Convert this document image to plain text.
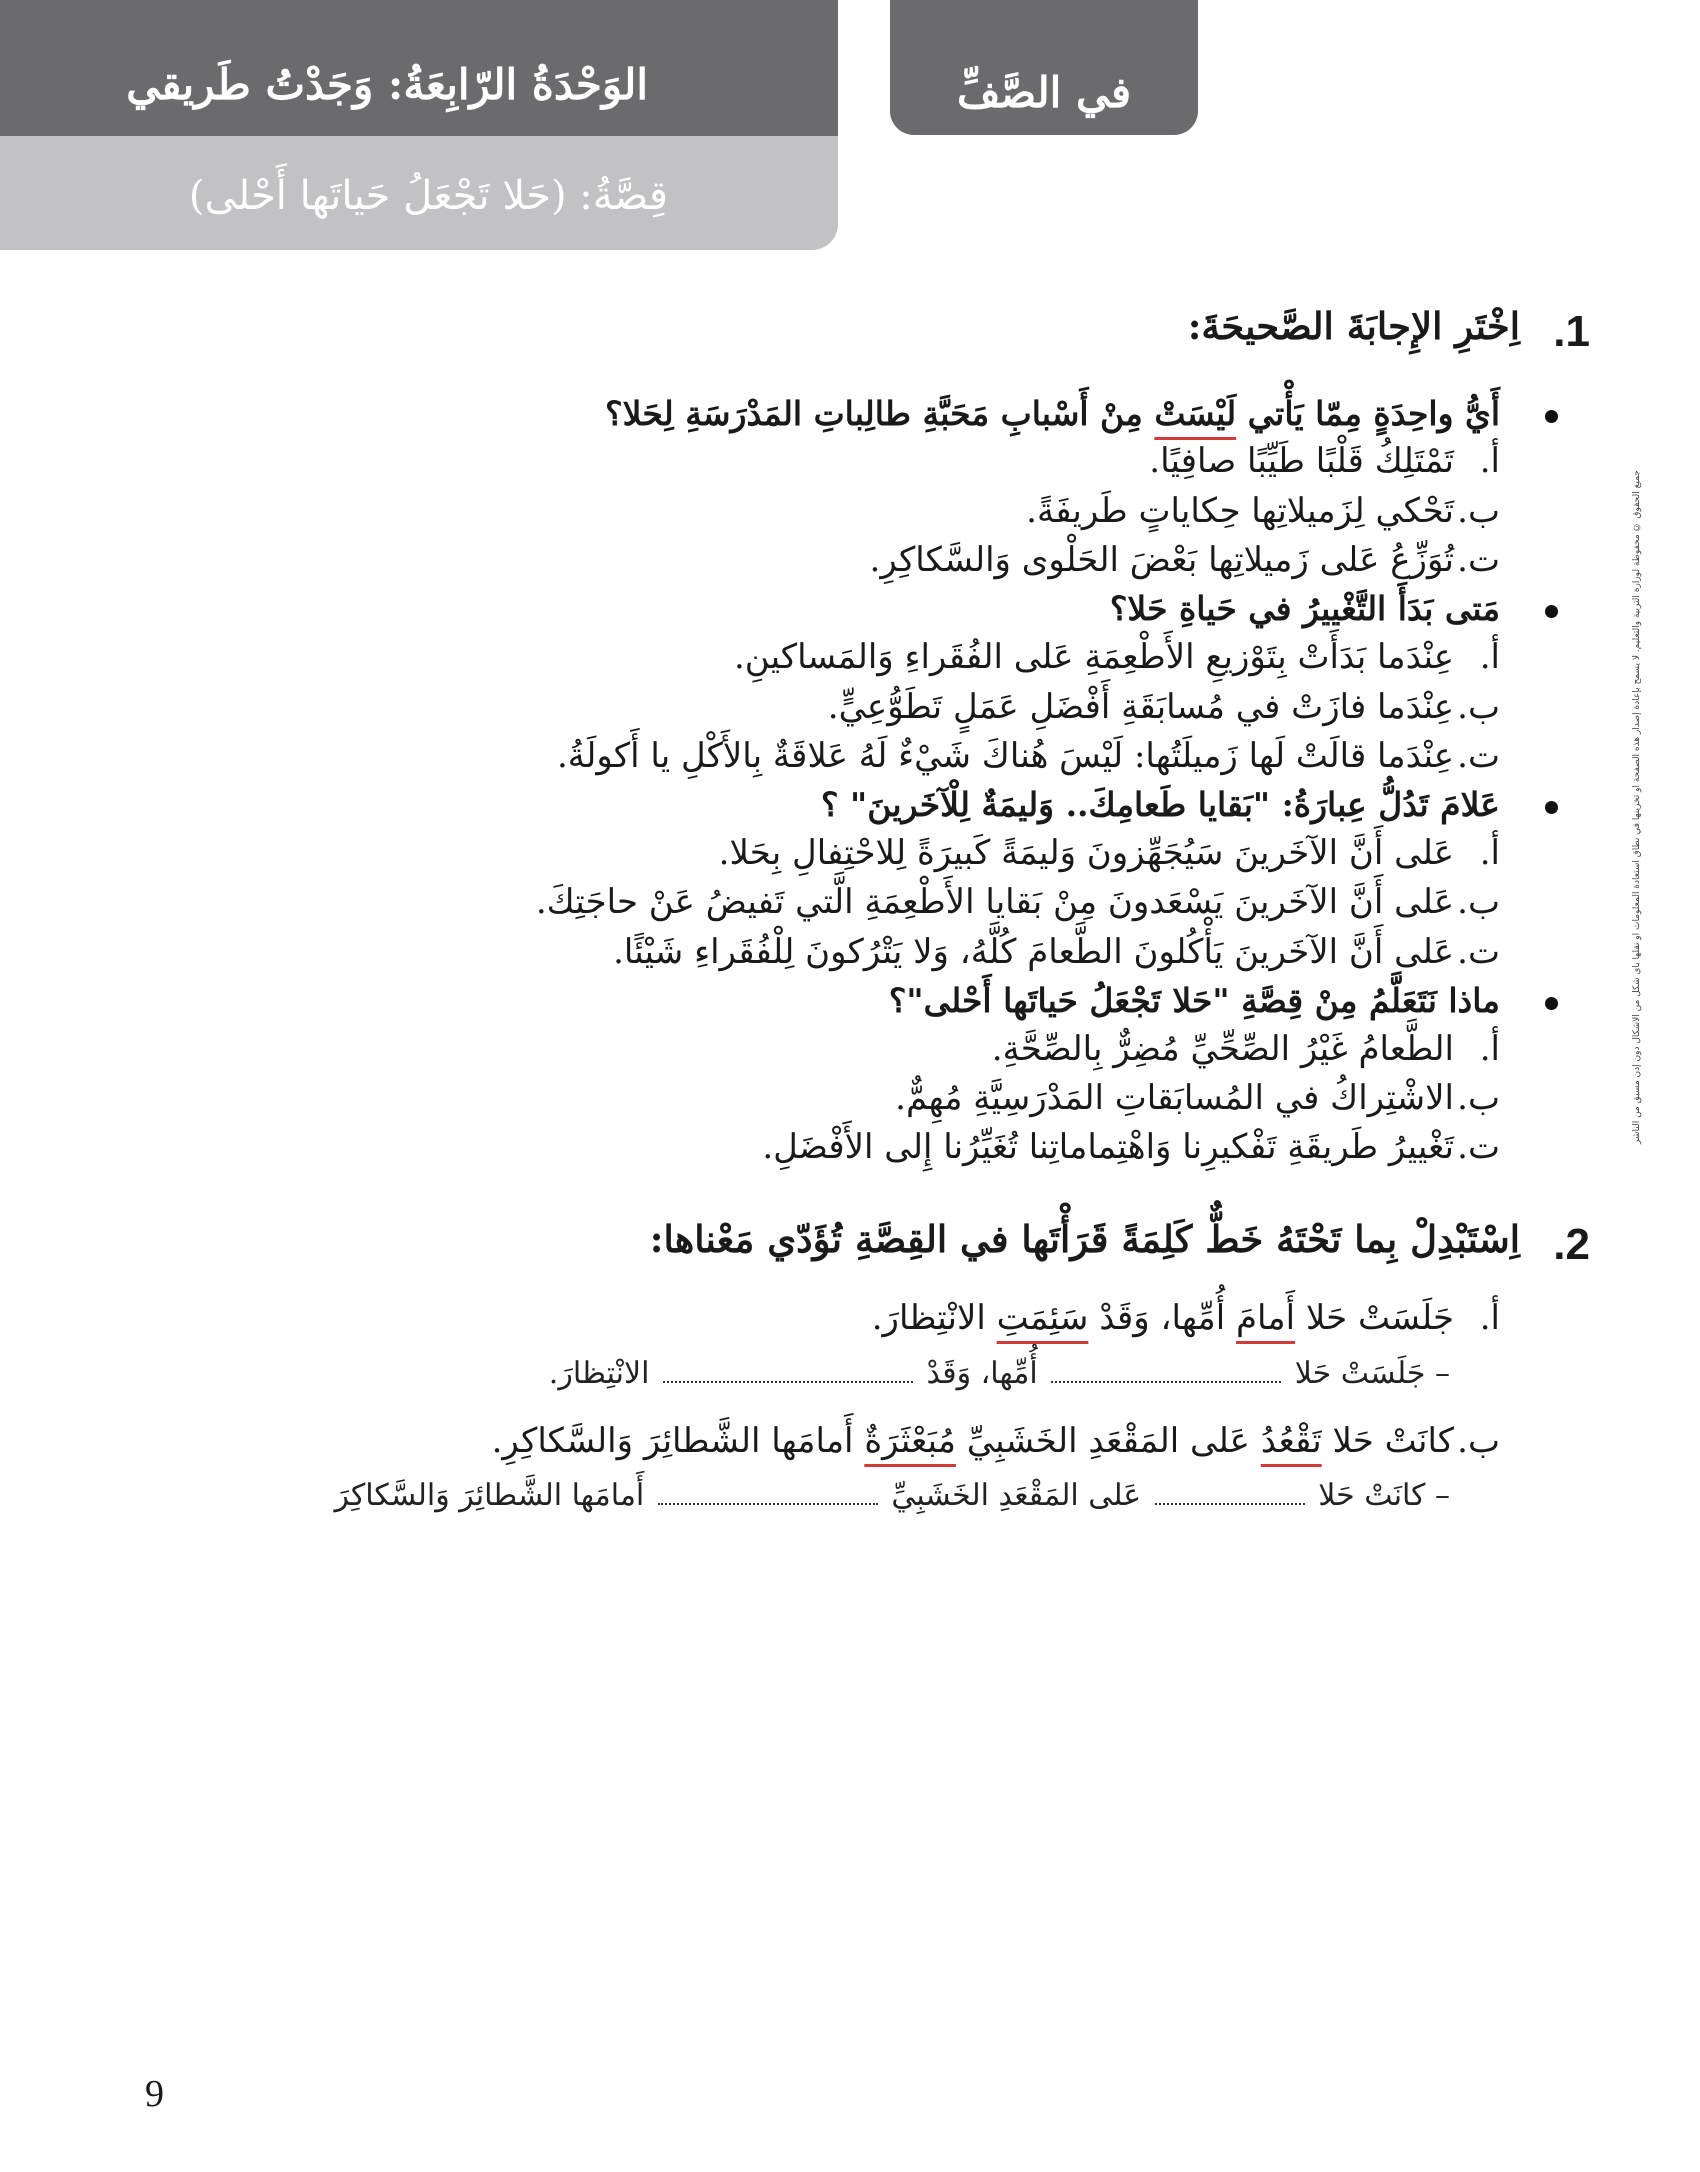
الوَحْدَةُ الرّابِعَةُ: وَجَدْتُ طَريقي
قِصَّةُ: (حَلا تَجْعَلُ حَياتَها أَحْلى)
في الصَّفِّ
1.
اِخْتَرِ الإِجابَةَ الصَّحيحَةَ:
أَيُّ واحِدَةٍ مِمّا يَأْتي لَيْسَتْ مِنْ أَسْبابِ مَحَبَّةِ طالِباتِ المَدْرَسَةِ لِحَلا؟
أ.تَمْتَلِكُ قَلْبًا طَيِّبًا صافِيًا.
ب.تَحْكي لِزَميلاتِها حِكاياتٍ طَريفَةً.
ت.تُوَزِّعُ عَلى زَميلاتِها بَعْضَ الحَلْوى وَالسَّكاكِرِ.
مَتى بَدَأَ التَّغْييرُ في حَياةِ حَلا؟
أ.عِنْدَما بَدَأَتْ بِتَوْزيعِ الأَطْعِمَةِ عَلى الفُقَراءِ وَالمَساكينِ.
ب.عِنْدَما فازَتْ في مُسابَقَةِ أَفْضَلِ عَمَلٍ تَطَوُّعِيٍّ.
ت.عِنْدَما قالَتْ لَها زَميلَتُها: لَيْسَ هُناكَ شَيْءٌ لَهُ عَلاقَةٌ بِالأَكْلِ يا أَكولَةُ.
عَلامَ تَدُلُّ عِبارَةُ: "بَقايا طَعامِكَ.. وَليمَةٌ لِلْآخَرينَ" ؟
أ.عَلى أَنَّ الآخَرينَ سَيُجَهِّزونَ وَليمَةً كَبيرَةً لِلاحْتِفالِ بِحَلا.
ب.عَلى أَنَّ الآخَرينَ يَسْعَدونَ مِنْ بَقايا الأَطْعِمَةِ الَّتي تَفيضُ عَنْ حاجَتِكَ.
ت.عَلى أَنَّ الآخَرينَ يَأْكُلونَ الطَّعامَ كُلَّهُ، وَلا يَتْرُكونَ لِلْفُقَراءِ شَيْئًا.
ماذا نَتَعَلَّمُ مِنْ قِصَّةِ "حَلا تَجْعَلُ حَياتَها أَحْلى"؟
أ.الطَّعامُ غَيْرُ الصِّحِّيِّ مُضِرٌّ بِالصِّحَّةِ.
ب.الاشْتِراكُ في المُسابَقاتِ المَدْرَسِيَّةِ مُهِمٌّ.
ت.تَغْييرُ طَريقَةِ تَفْكيرِنا وَاهْتِماماتِنا تُغَيِّرُنا إِلى الأَفْضَلِ.
2.
اِسْتَبْدِلْ بِما تَحْتَهُ خَطٌّ كَلِمَةً قَرَأْتَها في القِصَّةِ تُؤَدّي مَعْناها:
أ.جَلَسَتْ حَلا أَمامَ أُمِّها، وَقَدْ سَئِمَتِ الانْتِظارَ.
– جَلَسَتْ حَلا  أُمِّها، وَقَدْ  الانْتِظارَ.
ب.كانَتْ حَلا تَقْعُدُ عَلى المَقْعَدِ الخَشَبِيِّ مُبَعْثَرَةٌ أَمامَها الشَّطائِرَ وَالسَّكاكِرِ.
– كانَتْ حَلا  عَلى المَقْعَدِ الخَشَبِيِّ  أَمامَها الشَّطائِرَ وَالسَّكاكِرَ
جميع الحقوق © محفوظة لوزارة التربية والتعليم. لا يسمح بإعادة إصدار هذه الصفحة أو تخزينها في نطاق استعادة المعلومات أو نقلها بأي شكل من الأشكال دون إذن مسبق من الناشر
9
